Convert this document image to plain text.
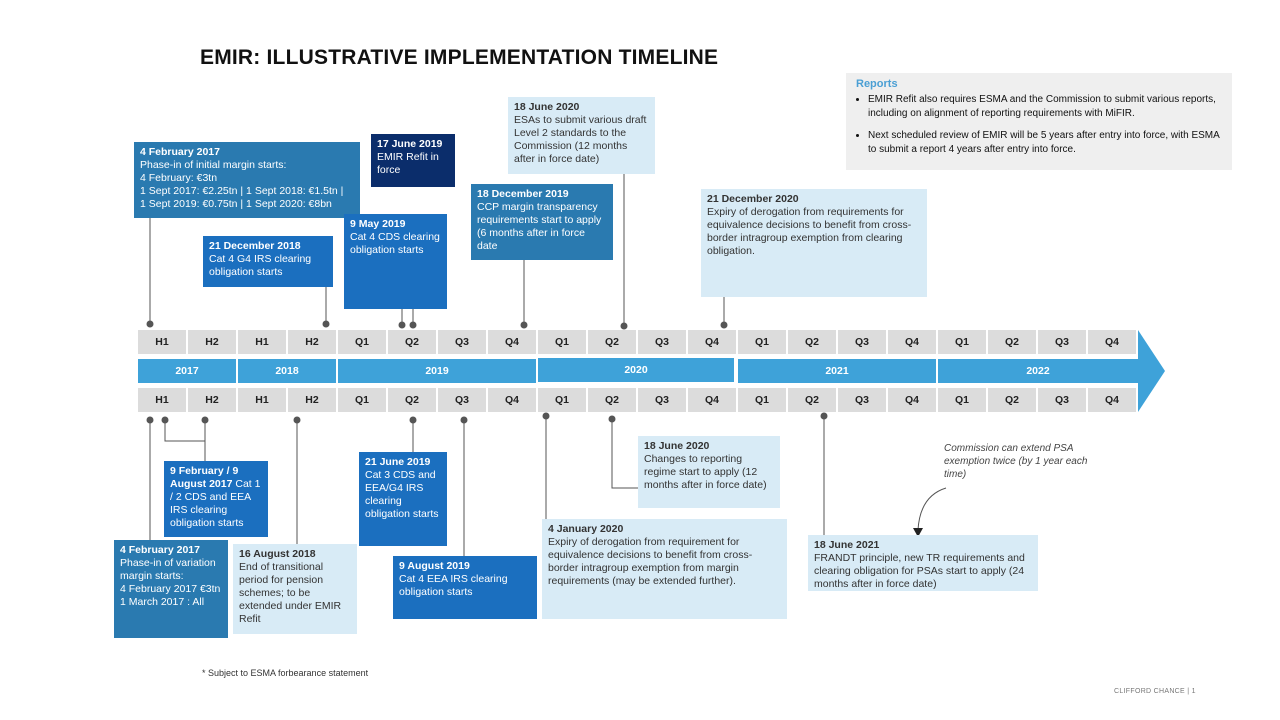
EMIR: ILLUSTRATIVE IMPLEMENTATION TIMELINE
Reports
• EMIR Refit also requires ESMA and the Commission to submit various reports, including on alignment of reporting requirements with MiFIR.
• Next scheduled review of EMIR will be 5 years after entry into force, with ESMA to submit a report 4 years after entry into force.
H1	H2	H1	H2	Q1	Q2	Q3	Q4	Q1	Q2	Q3	Q4	Q1	Q2	Q3	Q4	Q1	Q2	Q3	Q4
2017	2018	2019	2020	2021	2022
H1	H2	H1	H2	Q1	Q2	Q3	Q4	Q1	Q2	Q3	Q4	Q1	Q2	Q3	Q4	Q1	Q2	Q3	Q4
4 February 2017
Phase-in of initial margin starts:
4 February: €3tn
1 Sept 2017: €2.25tn | 1 Sept 2018: €1.5tn |
1 Sept 2019: €0.75tn | 1 Sept 2020: €8bn
21 December 2018
Cat 4 G4 IRS clearing obligation starts
9 May 2019
Cat 4 CDS clearing obligation starts
17 June 2019
EMIR Refit in force
18 December 2019
CCP margin transparency requirements start to apply (6 months after in force date
18 June 2020
ESAs to submit various draft Level 2 standards to the Commission (12 months after in force date)
21 December 2020
Expiry of derogation from requirements for equivalence decisions to benefit from cross-border intragroup exemption from clearing obligation.
9 February / 9 August 2017 Cat 1 / 2 CDS and EEA IRS clearing obligation starts
4 February 2017
Phase-in of variation margin starts:
4 February 2017 €3tn
1 March 2017 : All
16 August 2018
End of transitional period for pension schemes; to be extended under EMIR Refit
21 June 2019
Cat 3 CDS and EEA/G4 IRS clearing obligation starts
9 August 2019
Cat 4 EEA IRS clearing obligation starts
4 January 2020
Expiry of derogation from requirement for equivalence decisions to benefit from cross-border intragroup exemption from margin requirements (may be extended further).
18 June 2020
Changes to reporting regime start to apply (12 months after in force date)
18 June 2021
FRANDT principle, new TR requirements and clearing obligation for PSAs start to apply (24 months after in force date)
Commission can extend PSA exemption twice (by 1 year each time)
* Subject to ESMA forbearance statement
CLIFFORD CHANCE | 1
